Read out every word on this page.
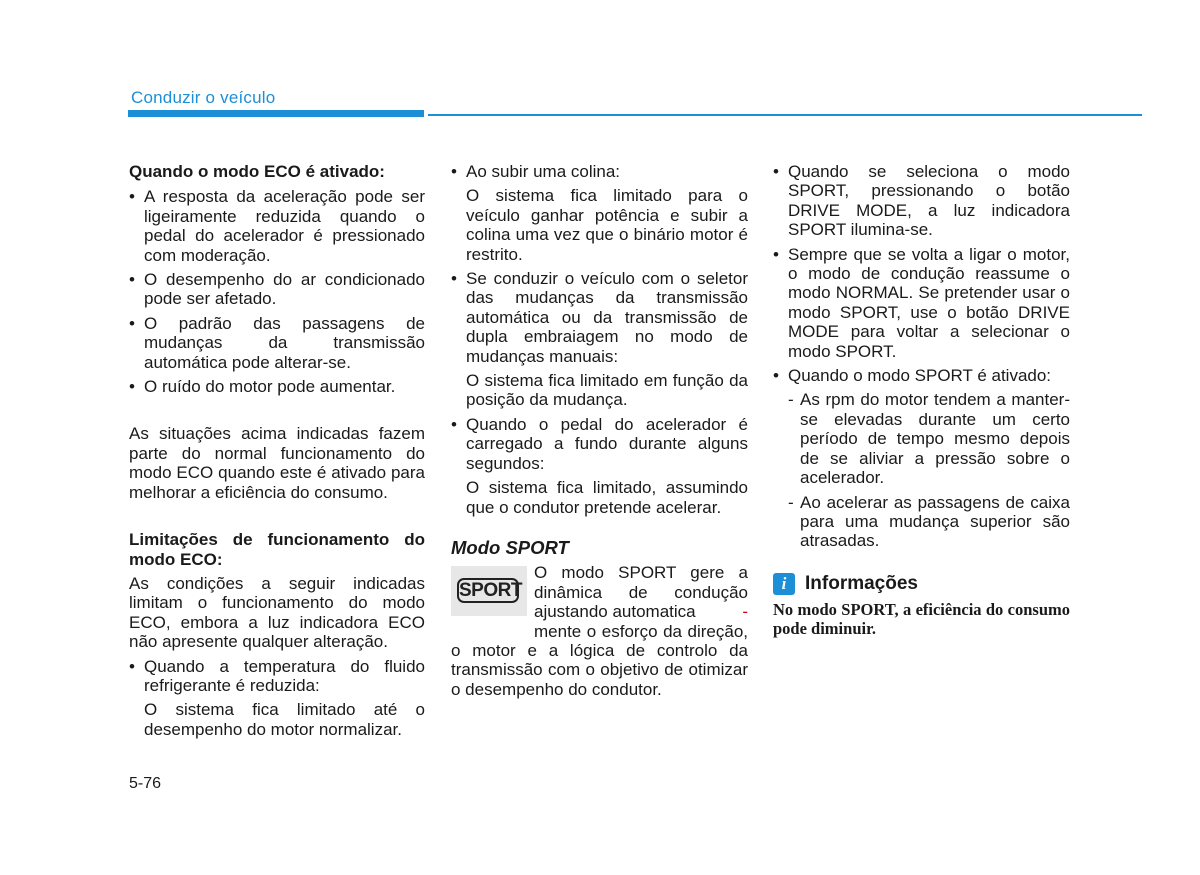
Conduzir o veículo

Quando o modo ECO é ativado:

• A resposta da aceleração pode ser ligeiramente reduzida quando o pedal do acelerador é pressionado com moderação.

• O desempenho do ar condicionado pode ser afetado.

• O padrão das passagens de mudanças da transmissão automática pode alterar-se.

• O ruído do motor pode aumentar.

As situações acima indicadas fazem parte do normal funcionamento do modo ECO quando este é ativado para melhorar a eficiência do consumo.

Limitações de funcionamento do modo ECO:

As condições a seguir indicadas limitam o funcionamento do modo ECO, embora a luz indicadora ECO não apresente qualquer alteração.

• Quando a temperatura do fluido refrigerante é reduzida:

O sistema fica limitado até o desempenho do motor normalizar.

• Ao subir uma colina:

O sistema fica limitado para o veículo ganhar potência e subir a colina uma vez que o binário motor é restrito.

• Se conduzir o veículo com o seletor das mudanças da transmissão automática ou da transmissão de dupla embraiagem no modo de mudanças manuais:

O sistema fica limitado em função da posição da mudança.

• Quando o pedal do acelerador é carregado a fundo durante alguns segundos:

O sistema fica limitado, assumindo que o condutor pretende acelerar.

Modo SPORT

SPORT

O modo SPORT gere a

dinâmica de condução

ajustando automatica	-

mente o esforço da direção, o motor e a lógica de controlo da transmissão com o objetivo de otimizar o desempenho do condutor.

• Quando se seleciona o modo SPORT, pressionando o botão DRIVE MODE, a luz indicadora SPORT ilumina-se.

• Sempre que se volta a ligar o motor, o modo de condução reassume o modo NORMAL. Se pretender usar o modo SPORT, use o botão DRIVE MODE para voltar a selecionar o modo SPORT.

• Quando o modo SPORT é ativado:

- As rpm do motor tendem a manter-se elevadas durante um certo período de tempo mesmo depois de se aliviar a pressão sobre o acelerador.

- Ao acelerar as passagens de caixa para uma mudança superior são atrasadas.

i Informações

No modo SPORT, a eficiência do consumo pode diminuir.

5-76
